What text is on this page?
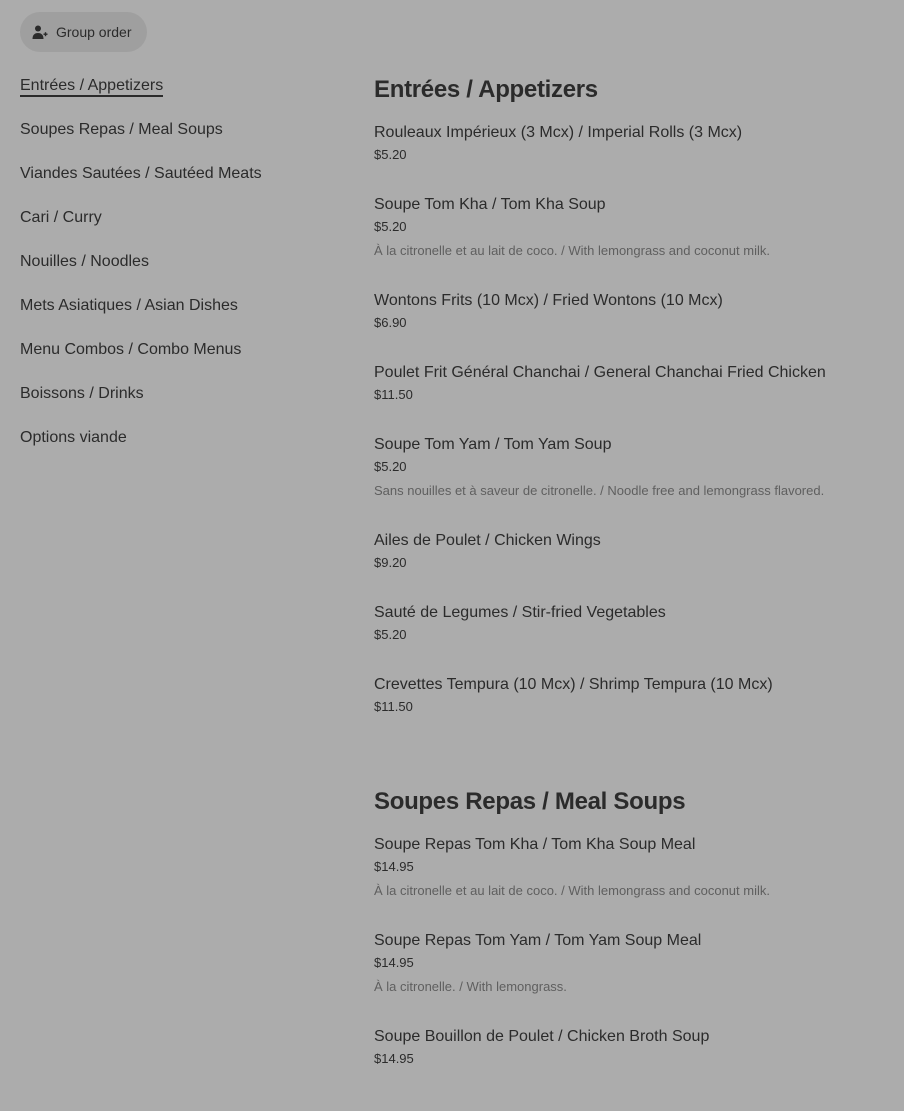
Group order
Entrées / Appetizers
Soupes Repas / Meal Soups
Viandes Sautées / Sautéed Meats
Cari / Curry
Nouilles / Noodles
Mets Asiatiques / Asian Dishes
Menu Combos / Combo Menus
Boissons / Drinks
Options viande
Entrées / Appetizers
Rouleaux Impérieux (3 Mcx) / Imperial Rolls (3 Mcx)
$5.20
Soupe Tom Kha / Tom Kha Soup
$5.20
À la citronelle et au lait de coco. / With lemongrass and coconut milk.
Wontons Frits (10 Mcx) / Fried Wontons (10 Mcx)
$6.90
Poulet Frit Général Chanchai / General Chanchai Fried Chicken
$11.50
Soupe Tom Yam / Tom Yam Soup
$5.20
Sans nouilles et à saveur de citronelle. / Noodle free and lemongrass flavored.
Ailes de Poulet / Chicken Wings
$9.20
Sauté de Legumes / Stir-fried Vegetables
$5.20
Crevettes Tempura (10 Mcx) / Shrimp Tempura (10 Mcx)
$11.50
Soupes Repas / Meal Soups
Soupe Repas Tom Kha / Tom Kha Soup Meal
$14.95
À la citronelle et au lait de coco. / With lemongrass and coconut milk.
Soupe Repas Tom Yam / Tom Yam Soup Meal
$14.95
À la citronelle. / With lemongrass.
Soupe Bouillon de Poulet / Chicken Broth Soup
$14.95
